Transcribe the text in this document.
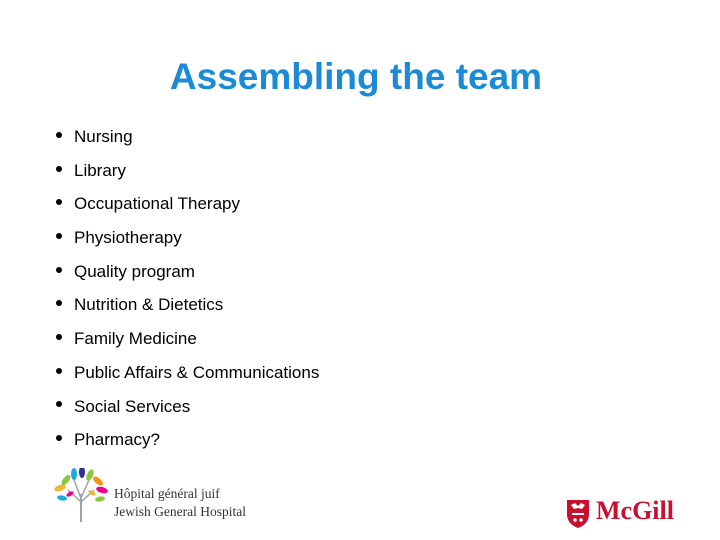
Assembling the team
Nursing
Library
Occupational Therapy
Physiotherapy
Quality program
Nutrition & Dietetics
Family Medicine
Public Affairs & Communications
Social Services
Pharmacy?
Hôpital général juif
Jewish General Hospital	McGill
